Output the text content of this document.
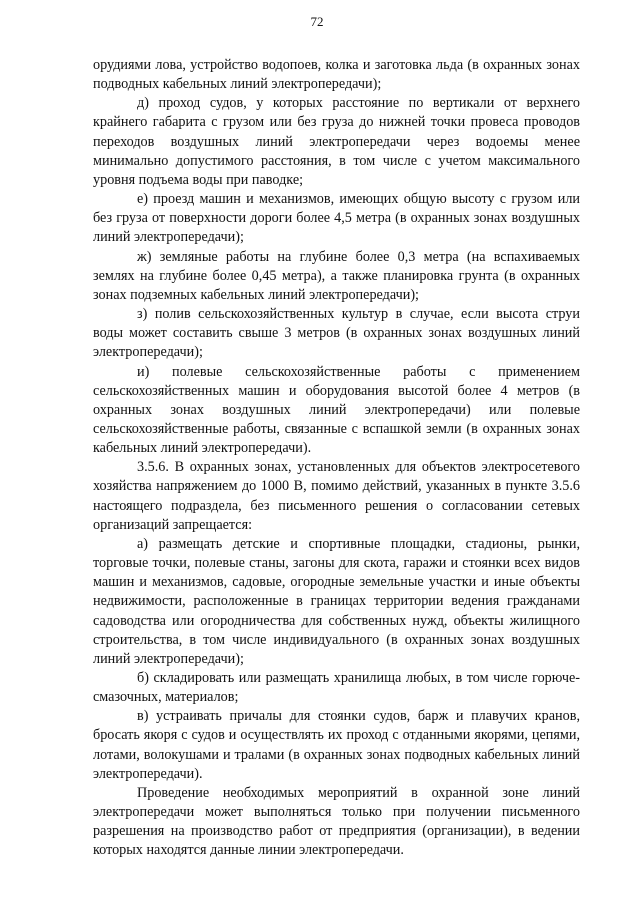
72

орудиями лова, устройство водопоев, колка и заготовка льда (в охранных зонах подводных кабельных линий электропередачи);

д) проход судов, у которых расстояние по вертикали от верхнего крайнего габарита с грузом или без груза до нижней точки провеса проводов переходов воздушных линий электропередачи через водоемы менее минимально допустимого расстояния, в том числе с учетом максимального уровня подъема воды при паводке;

е) проезд машин и механизмов, имеющих общую высоту с грузом или без груза от поверхности дороги более 4,5 метра (в охранных зонах воздушных линий электропередачи);

ж) земляные работы на глубине более 0,3 метра (на вспахиваемых землях на глубине более 0,45 метра), а также планировка грунта (в охранных зонах подземных кабельных линий электропередачи);

з) полив сельскохозяйственных культур в случае, если высота струи воды может составить свыше 3 метров (в охранных зонах воздушных линий электропередачи);

и) полевые сельскохозяйственные работы с применением сельскохозяйственных машин и оборудования высотой более 4 метров (в охранных зонах воздушных линий электропередачи) или полевые сельскохозяйственные работы, связанные с вспашкой земли (в охранных зонах кабельных линий электропередачи).

3.5.6. В охранных зонах, установленных для объектов электросетевого хозяйства напряжением до 1000 В, помимо действий, указанных в пункте 3.5.6 настоящего подраздела, без письменного решения о согласовании сетевых организаций запрещается:

а) размещать детские и спортивные площадки, стадионы, рынки, торговые точки, полевые станы, загоны для скота, гаражи и стоянки всех видов машин и механизмов, садовые, огородные земельные участки и иные объекты недвижимости, расположенные в границах территории ведения гражданами садоводства или огородничества для собственных нужд, объекты жилищного строительства, в том числе индивидуального (в охранных зонах воздушных линий электропередачи);

б) складировать или размещать хранилища любых, в том числе горюче-смазочных, материалов;

в) устраивать причалы для стоянки судов, барж и плавучих кранов, бросать якоря с судов и осуществлять их проход с отданными якорями, цепями, лотами, волокушами и тралами (в охранных зонах подводных кабельных линий электропередачи).

Проведение необходимых мероприятий в охранной зоне линий электропередачи может выполняться только при получении письменного разрешения на производство работ от предприятия (организации), в ведении которых находятся данные линии электропередачи.
